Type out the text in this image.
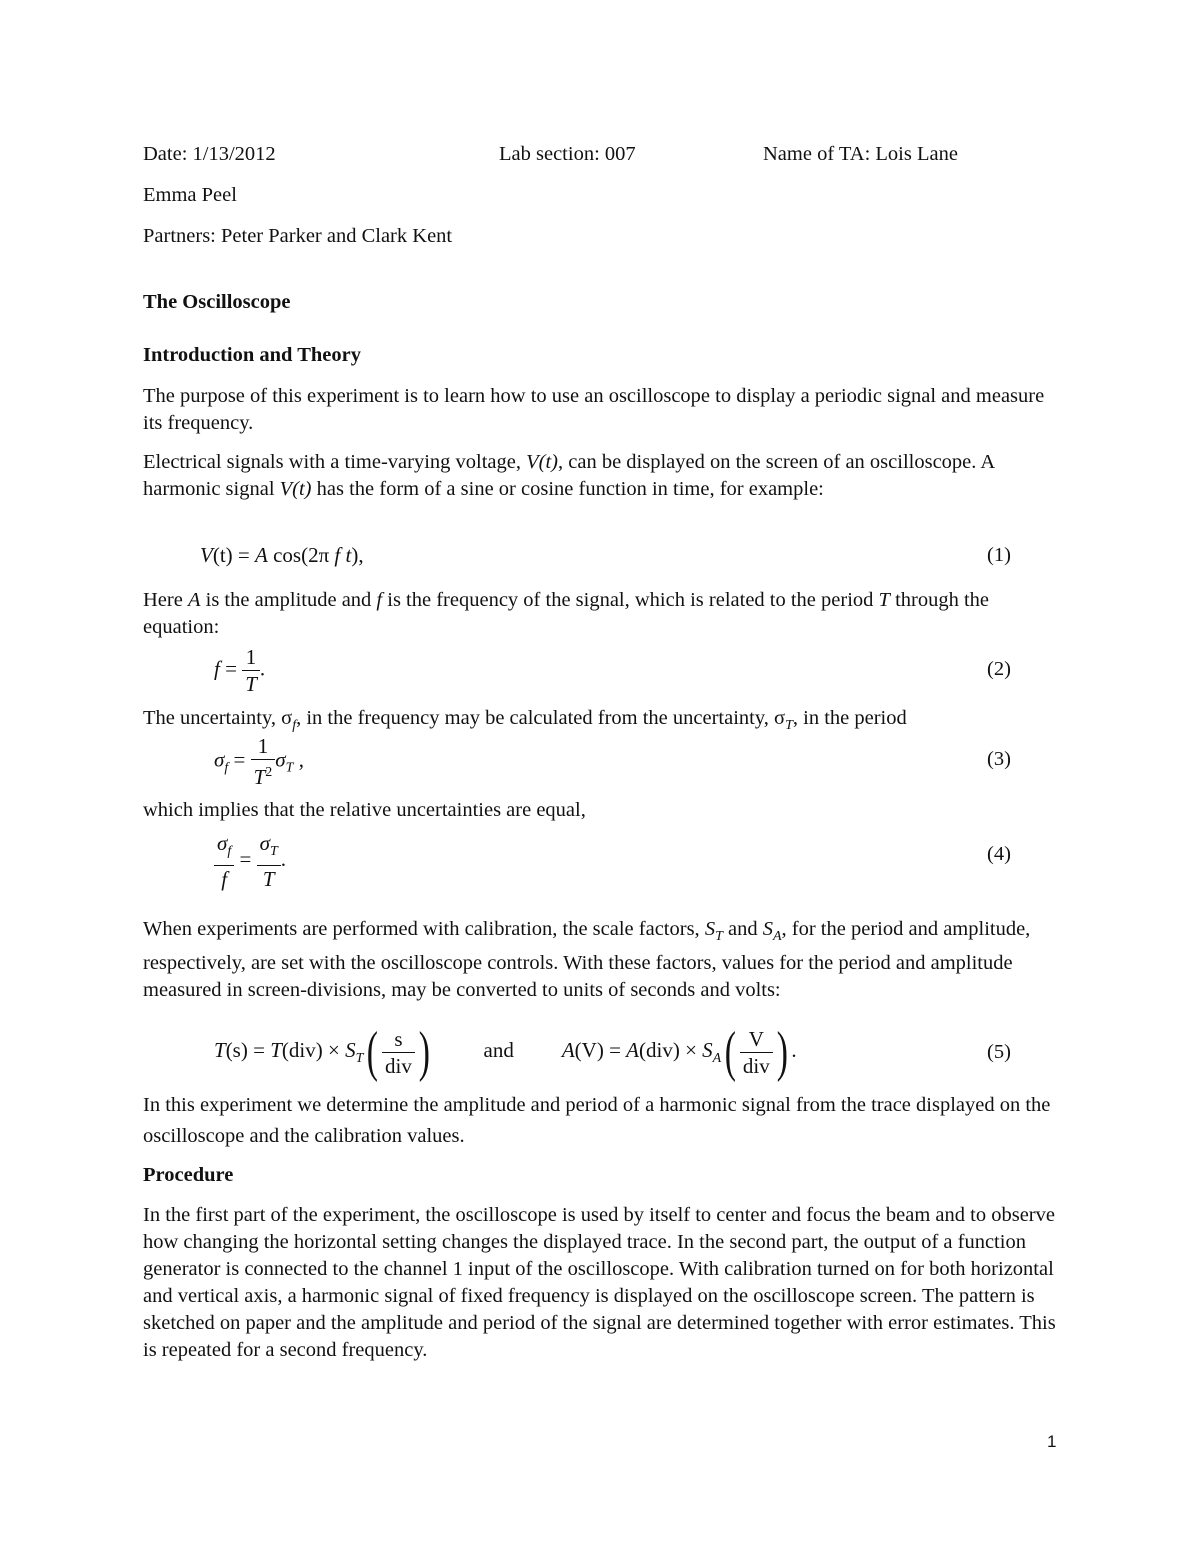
Date: 1/13/2012	Lab section: 007	Name of TA: Lois Lane
Emma Peel
Partners: Peter Parker and Clark Kent
The Oscilloscope
Introduction and Theory
The purpose of this experiment is to learn how to use an oscilloscope to display a periodic signal and measure its frequency.
Electrical signals with a time-varying voltage, V(t), can be displayed on the screen of an oscilloscope. A harmonic signal V(t) has the form of a sine or cosine function in time, for example:
V(t) = A cos(2π f t),	(1)
Here A is the amplitude and f is the frequency of the signal, which is related to the period T through the equation:
$f = \frac{1}{T}$ .	(2)
The uncertainty, $\sigma_f$, in the frequency may be calculated from the uncertainty, $\sigma_T$, in the period
$\sigma_f = \frac{1}{T^2} \sigma_T$ ,	(3)
which implies that the relative uncertainties are equal,
$\frac{\sigma_f}{f} = \frac{\sigma_T}{T}$ .	(4)
When experiments are performed with calibration, the scale factors, $S_T$ and $S_A$, for the period and amplitude, respectively, are set with the oscilloscope controls. With these factors, values for the period and amplitude measured in screen-divisions, may be converted to units of seconds and volts:
$T(s) = T(div) \times S_T( \frac{s}{\text{div}}$ )	and $A(V) = A(div) \times S_A( \frac{V}{\text{div}}$ ) .	(5)
In this experiment we determine the amplitude and period of a harmonic signal from the trace displayed on the oscilloscope and the calibration values.
Procedure
In the first part of the experiment, the oscilloscope is used by itself to center and focus the beam and to observe how changing the horizontal setting changes the displayed trace. In the second part, the output of a function generator is connected to the channel 1 input of the oscilloscope. With calibration turned on for both horizontal and vertical axis, a harmonic signal of fixed frequency is displayed on the oscilloscope screen. The pattern is sketched on paper and the amplitude and period of the signal are determined together with error estimates. This is repeated for a second frequency.
1
